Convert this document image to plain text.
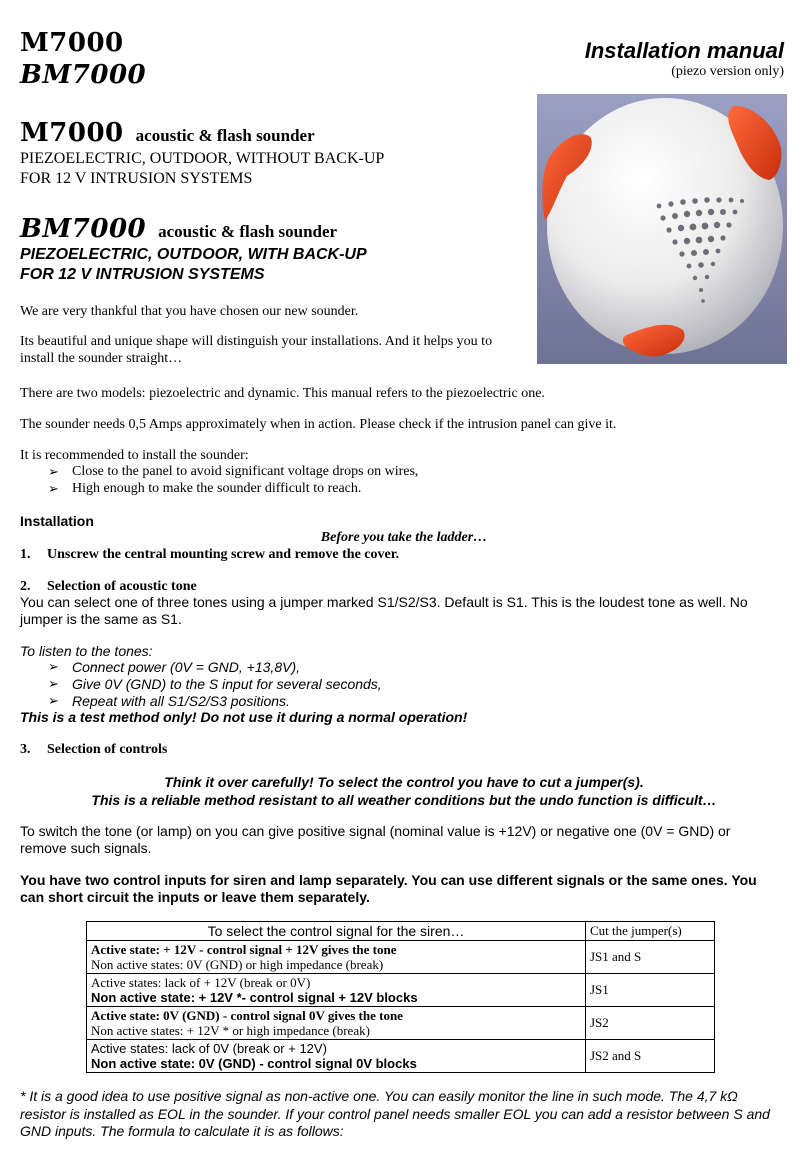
M7000
BM7000
Installation manual
(piezo version only)
M7000 acoustic & flash sounder
PIEZOELECTRIC, OUTDOOR, WITHOUT BACK-UP
FOR 12 V INTRUSION SYSTEMS
BM7000 acoustic & flash sounder
PIEZOELECTRIC, OUTDOOR, WITH BACK-UP
FOR 12 V INTRUSION SYSTEMS
We are very thankful that you have chosen our new sounder.
Its beautiful and unique shape will distinguish your installations. And it helps you to
install the sounder straight…
There are two models: piezoelectric and dynamic. This manual refers to the piezoelectric one.
The sounder needs 0,5 Amps approximately when in action. Please check if the intrusion panel can give it.
It is recommended to install the sounder:
➢ Close to the panel to avoid significant voltage drops on wires,
➢ High enough to make the sounder difficult to reach.
Installation
Before you take the ladder…
1. Unscrew the central mounting screw and remove the cover.
2. Selection of acoustic tone
You can select one of three tones using a jumper marked S1/S2/S3. Default is S1. This is the loudest tone as well. No
jumper is the same as S1.
To listen to the tones:
➢ Connect power (0V = GND, +13,8V),
➢ Give 0V (GND) to the S input for several seconds,
➢ Repeat with all S1/S2/S3 positions.
This is a test method only! Do not use it during a normal operation!
3. Selection of controls
Think it over carefully! To select the control you have to cut a jumper(s).
This is a reliable method resistant to all weather conditions but the undo function is difficult…
To switch the tone (or lamp) on you can give positive signal (nominal value is +12V) or negative one (0V = GND) or
remove such signals.
You have two control inputs for siren and lamp separately. You can use different signals or the same ones. You
can short circuit the inputs or leave them separately.
To select the control signal for the siren…	Cut the jumper(s)

Active state: + 12V - control signal + 12V gives the tone
Non active states: 0V (GND) or high impedance (break)	JS1 and S

Active states: lack of + 12V (break or 0V)
Non active state: + 12V *- control signal + 12V blocks	JS1

Active state: 0V (GND) - control signal 0V gives the tone
Non active states: + 12V * or high impedance (break)	JS2

Active states: lack of 0V (break or + 12V)
Non active state: 0V (GND) - control signal 0V blocks	JS2 and S
* It is a good idea to use positive signal as non-active one. You can easily monitor the line in such mode. The 4,7 kΩ
resistor is installed as EOL in the sounder. If your control panel needs smaller EOL you can add a resistor between S and
GND inputs. The formula to calculate it is as follows:
